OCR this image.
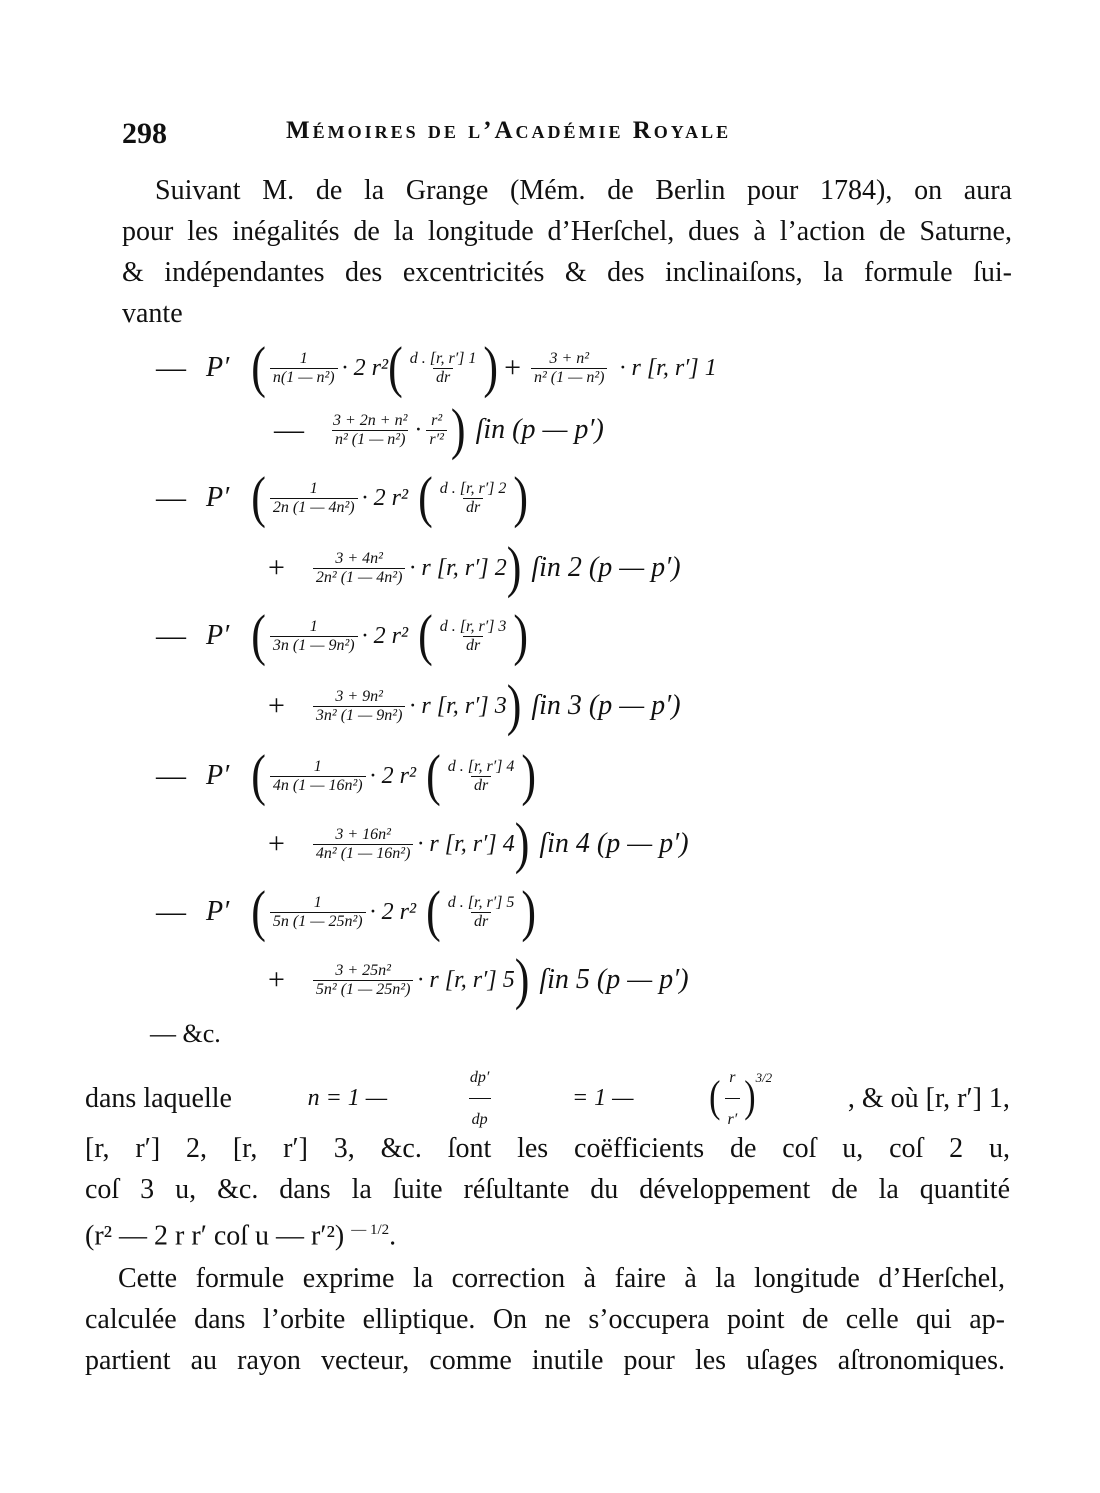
298	Mémoires de l’Académie Royale
Suivant M. de la Grange (Mém. de Berlin pour 1784), on aura
pour les inégalités de la longitude d’Herſchel, dues à l’action de Saturne,
& indépendantes des excentricités & des inclinaiſons, la formule ſui-
vante
— P′ ( $\frac{1}{\text{n(1 — n²)}} \cdot 2$ r² ( $\frac{d . [r, r'] 1}{dr}$ ) + $\frac{\text{3 + n²}}{\text{n² (1 — n²)}} \cdot r$ [r, r′] 1
— $\frac{\text{3 + 2n + n²}}{\text{n² (1 — n²)}} \cdot \frac{\text{r²}}{\text{r′²}}$ ) ſin (p — p′)
— P′ ( $\frac{1}{\text{2n (1 — 4n²)}} \cdot 2$ r² ( $\frac{d . [r, r'] 2}{dr}$ )
+ $\frac{\text{3 + 4n²}}{\text{2n² (1 — 4n²)}} \cdot r$ [r, r′] 2 ) ſin 2 (p — p′)
— P′ ( $\frac{1}{\text{3n (1 — 9n²)}} \cdot 2$ r² ( $\frac{d . [r, r'] 3}{dr}$ )
+ $\frac{\text{3 + 9n²}}{\text{3n² (1 — 9n²)}} \cdot r$ [r, r′] 3 ) ſin 3 (p — p′)
— P′ ( $\frac{1}{\text{4n (1 — 16n²)}} \cdot 2$ r² ( $\frac{d . [r, r'] 4}{dr}$ )
+ $\frac{\text{3 + 16n²}}{\text{4n² (1 — 16n²)}} \cdot r$ [r, r′] 4 ) ſin 4 (p — p′)
— P′ ( $\frac{1}{\text{5n (1 — 25n²)}} \cdot 2$ r² ( $\frac{d . [r, r'] 5}{dr}$ )
+ $\frac{\text{3 + 25n²}}{\text{5n² (1 — 25n²)}} \cdot r$ [r, r′] 5 ) ſin 5 (p — p′)
— &c.
dans laquelle	n = 1 —	$\frac{dp'}{dp}$	= 1 — ( $\frac{r}{r'} )^{3/2}$
, & où [r, r′] 1,
[r, r′] 2, [r, r′] 3, &c. ſont les coëfficients de coſ u, coſ 2 u,
coſ 3 u, &c. dans la ſuite réſultante du développement de la quantité
(r² — 2 r r′ coſ u — r′²) $^{— 1/2}$.
Cette formule exprime la correction à faire à la longitude d’Herſchel,
calculée dans l’orbite elliptique. On ne s’occupera point de celle qui ap-
partient au rayon vecteur, comme inutile pour les uſages aſtronomiques.
